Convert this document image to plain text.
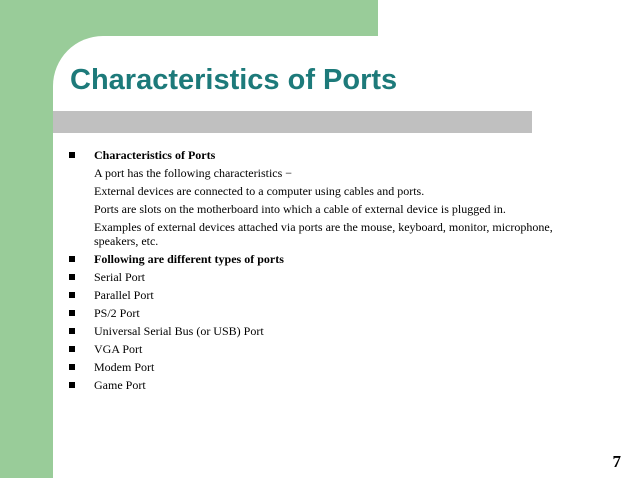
Characteristics of Ports
Characteristics of Ports
A port has the following characteristics −
External devices are connected to a computer using cables and ports.
Ports are slots on the motherboard into which a cable of external device is plugged in.
Examples of external devices attached via ports are the mouse, keyboard, monitor, microphone, speakers, etc.
Following are different types of ports
Serial Port
Parallel Port
PS/2 Port
Universal Serial Bus (or USB) Port
VGA Port
Modem Port
Game Port
7
